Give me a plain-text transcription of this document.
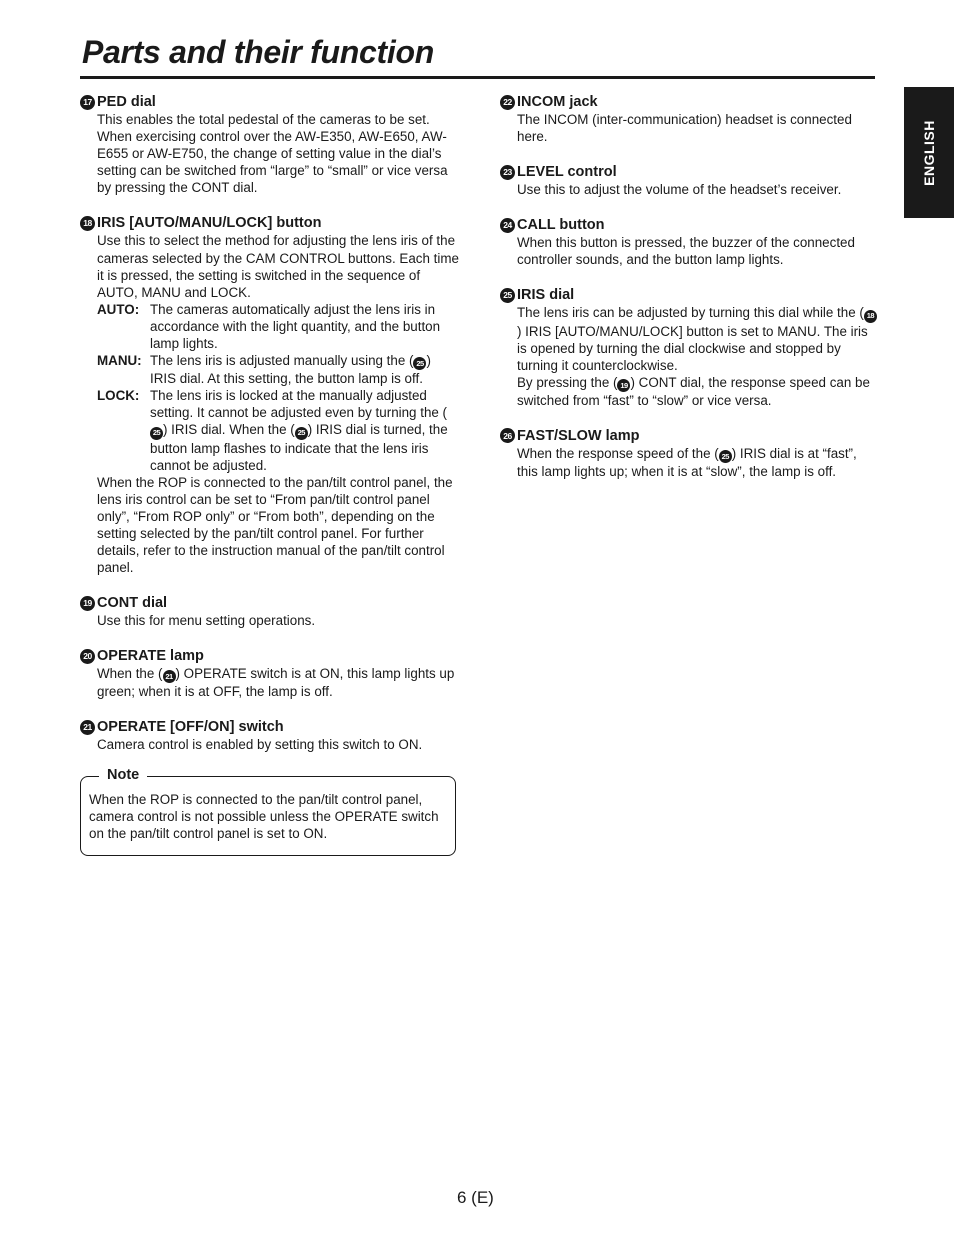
Parts and their function
ENGLISH
17 PED dial

This enables the total pedestal of the cameras to be set. When exercising control over the AW-E350, AW-E650, AW-E655 or AW-E750, the change of setting value in the dial’s setting can be switched from “large” to “small” or vice versa by pressing the CONT dial.

18 IRIS [AUTO/MANU/LOCK] button

Use this to select the method for adjusting the lens iris of the cameras selected by the CAM CONTROL buttons. Each time it is pressed, the setting is switched in the sequence of AUTO, MANU and LOCK.

AUTO: The cameras automatically adjust the lens iris in accordance with the light quantity, and the button lamp lights.
MANU: The lens iris is adjusted manually using the ( 25 ) IRIS dial. At this setting, the button lamp is off.
LOCK: The lens iris is locked at the manually adjusted setting. It cannot be adjusted even by turning the (25 ) IRIS dial. When the ( 25 ) IRIS dial is turned, the button lamp flashes to indicate that the lens iris cannot be adjusted.

When the ROP is connected to the pan/tilt control panel, the lens iris control can be set to “From pan/tilt control panel only”, “From ROP only” or “From both”, depending on the setting selected by the pan/tilt control panel. For further details, refer to the instruction manual of the pan/tilt control panel.

19 CONT dial

Use this for menu setting operations.

20 OPERATE lamp

When the ( 21 ) OPERATE switch is at ON, this lamp lights up green; when it is at OFF, the lamp is off.

21 OPERATE [OFF/ON] switch

Camera control is enabled by setting this switch to ON.

Note

When the ROP is connected to the pan/tilt control panel, camera control is not possible unless the OPERATE switch on the pan/tilt control panel is set to ON.

22 INCOM jack

The INCOM (inter-communication) headset is connected here.

23 LEVEL control

Use this to adjust the volume of the headset’s receiver.

24 CALL button

When this button is pressed, the buzzer of the connected controller sounds, and the button lamp lights.

25 IRIS dial

The lens iris can be adjusted by turning this dial while the ( 18) IRIS [AUTO/MANU/LOCK] button is set to MANU. The iris is opened by turning the dial clockwise and stopped by turning it counterclockwise.

By pressing the ( 19 ) CONT dial, the response speed can be switched from “fast” to “slow” or vice versa.

26 FAST/SLOW lamp

When the response speed of the ( 25 ) IRIS dial is at “fast”, this lamp lights up; when it is at “slow”, the lamp is off.

6 (E)
